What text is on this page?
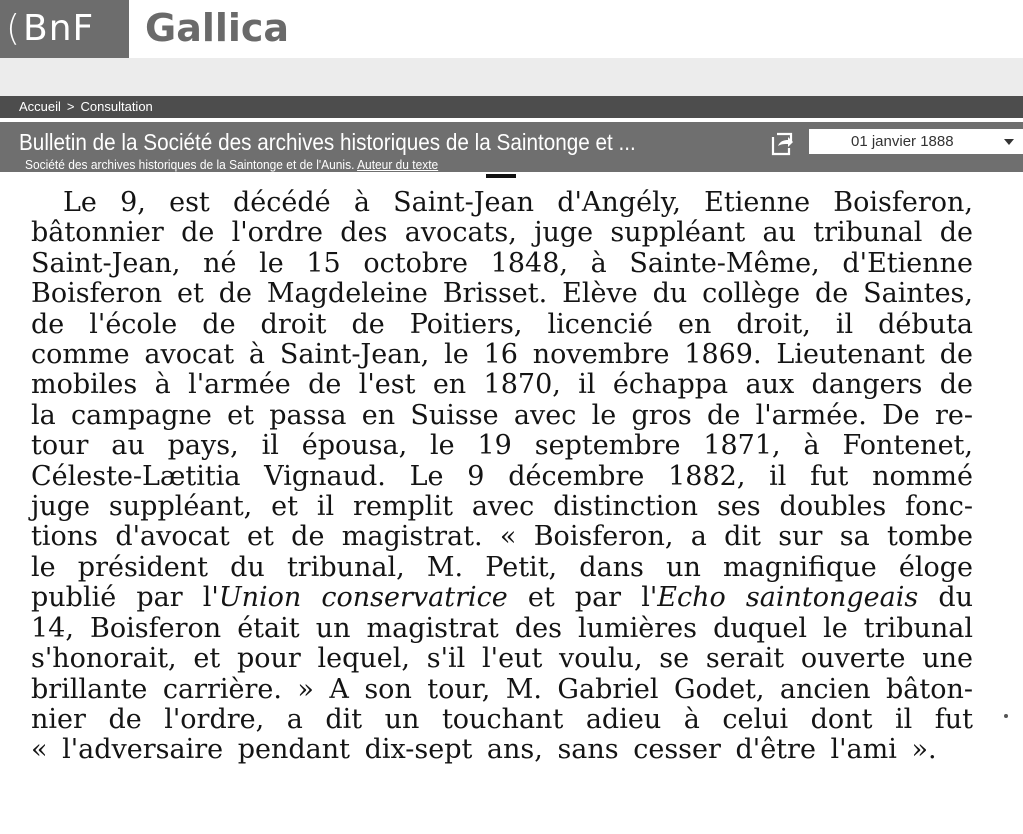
(BnF	Gallica
Accueil > Consultation
Bulletin de la Société des archives historiques de la Saintonge et ...
Société des archives historiques de la Saintonge et de l'Aunis. Auteur du texte
01 janvier 1888
Le 9, est décédé à Saint-Jean d'Angély, Etienne Boisferon,
bâtonnier de l'ordre des avocats, juge suppléant au tribunal de
Saint-Jean, né le 15 octobre 1848, à Sainte-Même, d'Etienne
Boisferon et de Magdeleine Brisset. Elève du collège de Saintes,
de l'école de droit de Poitiers, licencié en droit, il débuta
comme avocat à Saint-Jean, le 16 novembre 1869. Lieutenant de
mobiles à l'armée de l'est en 1870, il échappa aux dangers de
la campagne et passa en Suisse avec le gros de l'armée. De re-
tour au pays, il épousa, le 19 septembre 1871, à Fontenet,
Céleste-Lætitia Vignaud. Le 9 décembre 1882, il fut nommé
juge suppléant, et il remplit avec distinction ses doubles fonc-
tions d'avocat et de magistrat. « Boisferon, a dit sur sa tombe
le président du tribunal, M. Petit, dans un magnifique éloge
publié par l'Union conservatrice et par l'Echo saintongeais du
14, Boisferon était un magistrat des lumières duquel le tribunal
s'honorait, et pour lequel, s'il l'eut voulu, se serait ouverte une
brillante carrière. » A son tour, M. Gabriel Godet, ancien bâton-
nier de l'ordre, a dit un touchant adieu à celui dont il fut
« l'adversaire pendant dix-sept ans, sans cesser d'être l'ami ».
